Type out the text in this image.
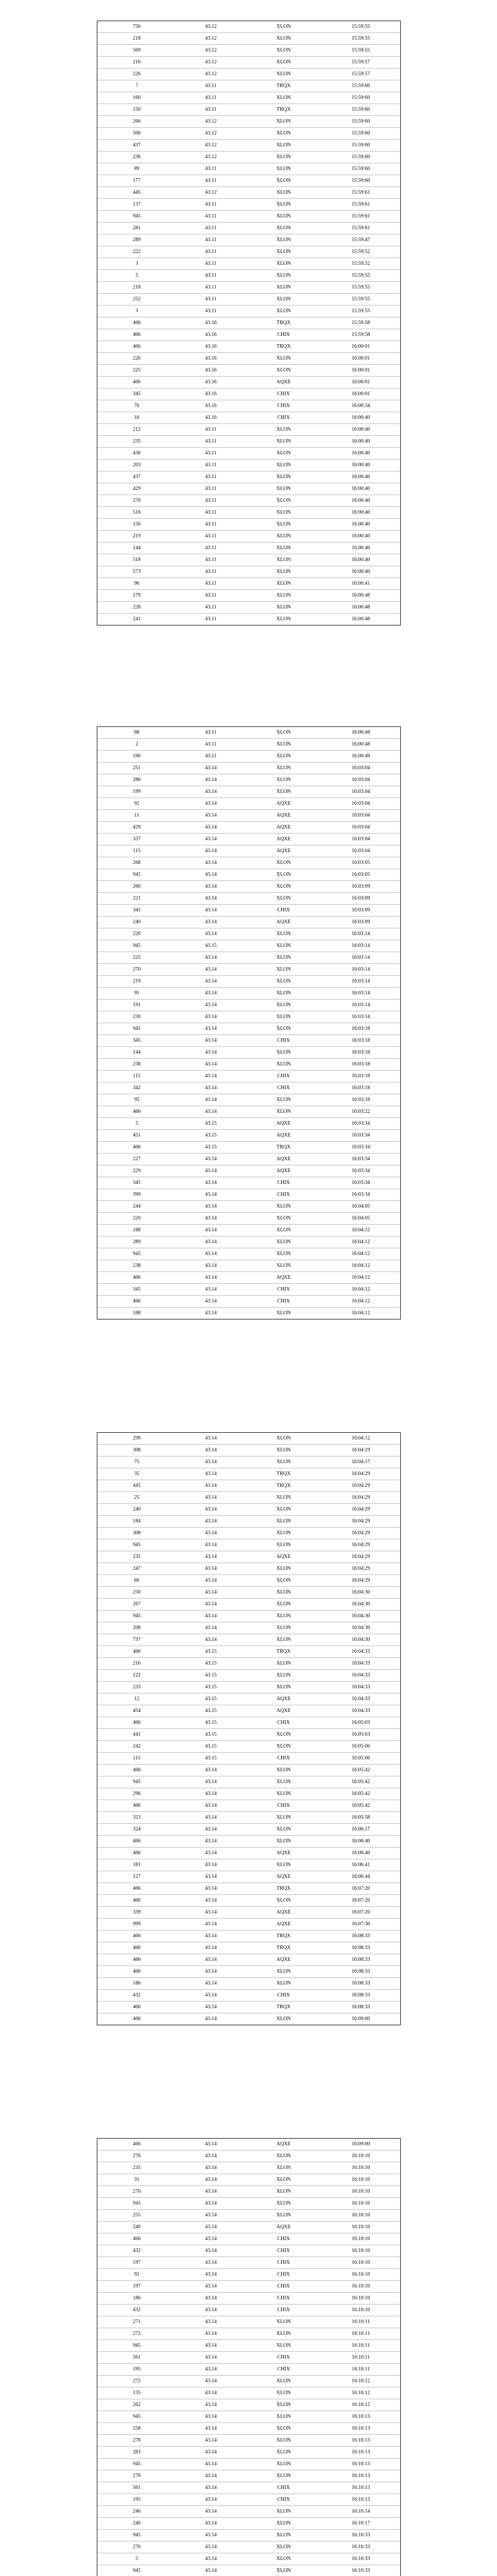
756	43.12	XLON	15:59:55
218	43.12	XLON	15:59:55
569	43.12	XLON	15:59:55
216	43.12	XLON	15:59:57
226	43.12	XLON	15:59:57
7	43.11	TRQX	15:59:60
160	43.11	XLON	15:59:60
150	43.11	TRQX	15:59:60
266	43.12	XLON	15:59:60
500	43.12	XLON	15:59:60
437	43.12	XLON	15:59:60
236	43.12	XLON	15:59:60
89	43.11	XLON	15:59:60
177	43.11	XLON	15:59:60
445	43.12	XLON	15:59:61
137	43.11	XLON	15:59:61
945	43.11	XLON	15:59:61
281	43.11	XLON	15:59:61
289	43.11	XLON	15:59:47
222	43.11	XLON	15:59:52
3	43.11	XLON	15:59:52
5	43.11	XLON	15:59:55
218	43.11	XLON	15:59:55
252	43.11	XLON	15:59:55
3	43.11	XLON	15:59:55
466	43.16	TRQX	15:59:58
466	43.16	CHIX	15:59:58
466	43.16	TRQX	16:00:01
226	43.16	XLON	16:00:01
225	43.16	XLON	16:00:01
466	43.16	AQXE	16:00:01
345	43.16	CHIX	16:00:01
76	43.16	CHIX	16:00:34
16	43.16	CHIX	16:00:40
212	43.11	XLON	16:00:40
235	43.11	XLON	16:00:40
436	43.11	XLON	16:00:40
203	43.11	XLON	16:00:40
437	43.11	XLON	16:00:40
429	43.11	XLON	16:00:40
270	43.11	XLON	16:00:40
516	43.11	XLON	16:00:40
150	43.11	XLON	16:00:40
219	43.11	XLON	16:00:40
144	43.11	XLON	16:00:40
518	43.11	XLON	16:00:40
573	43.11	XLON	16:00:40
96	43.11	XLON	16:00:41
179	43.11	XLON	16:00:48
228	43.11	XLON	16:00:48
241	43.11	XLON	16:00:48
88	43.11	XLON	16:00:48
2	43.11	XLON	16:00:48
190	43.11	XLON	16:00:49
251	43.14	XLON	16:03:04
286	43.14	XLON	16:03:04
199	43.14	XLON	16:03:04
92	43.14	AQXE	16:03:04
11	43.14	AQXE	16:03:04
429	43.14	AQXE	16:03:04
337	43.14	AQXE	16:03:04
115	43.14	AQXE	16:03:04
268	43.14	XLON	16:03:05
945	43.14	XLON	16:03:05
260	43.14	XLON	16:03:09
221	43.14	XLON	16:03:09
345	43.14	CHIX	16:03:09
240	43.14	AQXE	16:03:09
220	43.14	XLON	16:03:14
945	43.15	XLON	16:03:14
225	43.14	XLON	16:03:14
270	43.14	XLON	16:03:14
219	43.14	XLON	16:03:14
95	43.14	XLON	16:03:14
191	43.14	XLON	16:03:14
230	43.14	XLON	16:03:14
945	43.14	XLON	16:03:18
345	43.14	CHIX	16:03:18
144	43.14	XLON	16:03:18
238	43.14	XLON	16:03:18
115	43.14	CHIX	16:03:18
342	43.14	CHIX	16:03:18
95	43.14	XLON	16:03:18
466	43.14	XLON	16:03:22
5	43.15	AQXE	16:03:34
451	43.15	AQXE	16:03:34
466	43.15	TRQX	16:03:34
227	43.14	AQXE	16:03:34
229	43.14	AQXE	16:03:34
345	43.14	CHIX	16:03:34
399	43.14	CHIX	16:03:34
244	43.14	XLON	16:04:05
220	43.14	XLON	16:04:05
188	43.14	XLON	16:04:12
289	43.14	XLON	16:04:12
945	43.14	XLON	16:04:12
238	43.14	XLON	16:04:12
466	43.14	AQXE	16:04:12
345	43.14	CHIX	16:04:12
466	43.14	CHIX	16:04:12
188	43.14	XLON	16:04:12
299	43.14	XLON	16:04:12
308	43.14	XLON	16:04:19
75	43.14	XLON	16:04:17
35	43.14	TRQX	16:04:29
445	43.14	TRQX	16:04:29
25	43.14	XLON	16:04:29
240	43.14	XLON	16:04:29
184	43.14	XLON	16:04:29
308	43.14	XLON	16:04:29
945	43.14	XLON	16:04:29
235	43.14	AQXE	16:04:29
247	43.14	XLON	16:04:29
60	43.14	XLON	16:04:29
250	43.14	XLON	16:04:30
267	43.14	XLON	16:04:30
945	43.14	XLON	16:04:30
208	43.14	XLON	16:04:30
737	43.14	XLON	16:04:30
466	43.15	TRQX	16:04:33
216	43.15	XLON	16:04:33
122	43.15	XLON	16:04:33
233	43.15	XLON	16:04:33
12	43.15	AQXE	16:04:33
454	43.15	AQXE	16:04:33
466	43.15	CHIX	16:05:03
441	43.15	XLON	16:05:03
242	43.15	XLON	16:05:06
115	43.15	CHIX	16:05:06
466	43.14	XLON	16:05:42
945	43.14	XLON	16:05:42
296	43.14	XLON	16:05:42
466	43.14	CHIX	16:05:42
323	43.14	XLON	16:05:58
324	43.14	XLON	16:06:17
466	43.14	XLON	16:06:40
466	43.14	AQXE	16:06:40
181	43.14	XLON	16:06:41
127	43.14	AQXE	16:06:44
466	43.14	TRQX	16:07:20
466	43.14	XLON	16:07:20
339	43.14	AQXE	16:07:20
999	43.14	AQXE	16:07:30
466	43.14	TRQX	16:08:33
466	43.14	TRQX	16:08:33
466	43.14	AQXE	16:08:33
466	43.14	XLON	16:08:33
186	43.14	XLON	16:08:33
432	43.14	CHIX	16:08:33
466	43.14	TRQX	16:08:33
466	43.14	XLON	16:09:00
466	43.14	AQXE	16:09:00
270	43.14	XLON	16:10:10
235	43.14	XLON	16:10:10
31	43.14	XLON	16:10:10
270	43.14	XLON	16:10:10
945	43.14	XLON	16:10:10
255	43.14	XLON	16:10:10
240	43.14	AQXE	16:10:10
466	43.14	CHIX	16:10:10
432	43.14	CHIX	16:10:10
197	43.14	CHIX	16:10:10
92	43.14	CHIX	16:10:10
197	43.14	CHIX	16:10:10
186	43.14	CHIX	16:10:10
432	43.14	CHIX	16:10:10
271	43.14	XLON	16:10:11
272	43.14	XLON	16:10:11
945	43.14	XLON	16:10:11
561	43.14	CHIX	16:10:11
195	43.14	CHIX	16:10:11
272	43.14	XLON	16:10:12
135	43.14	XLON	16:10:12
262	43.14	XLON	16:10:12
945	43.14	XLON	16:10:13
258	43.14	XLON	16:10:13
278	43.14	XLON	16:10:13
283	43.14	XLON	16:10:13
945	43.14	XLON	16:10:13
270	43.14	XLON	16:10:13
561	43.14	CHIX	16:10:13
195	43.14	CHIX	16:10:13
246	43.14	XLON	16:10:14
240	43.14	XLON	16:10:17
945	43.14	XLON	16:10:33
270	43.14	XLON	16:10:33
5	43.14	XLON	16:10:33
945	43.14	XLON	16:10:33
